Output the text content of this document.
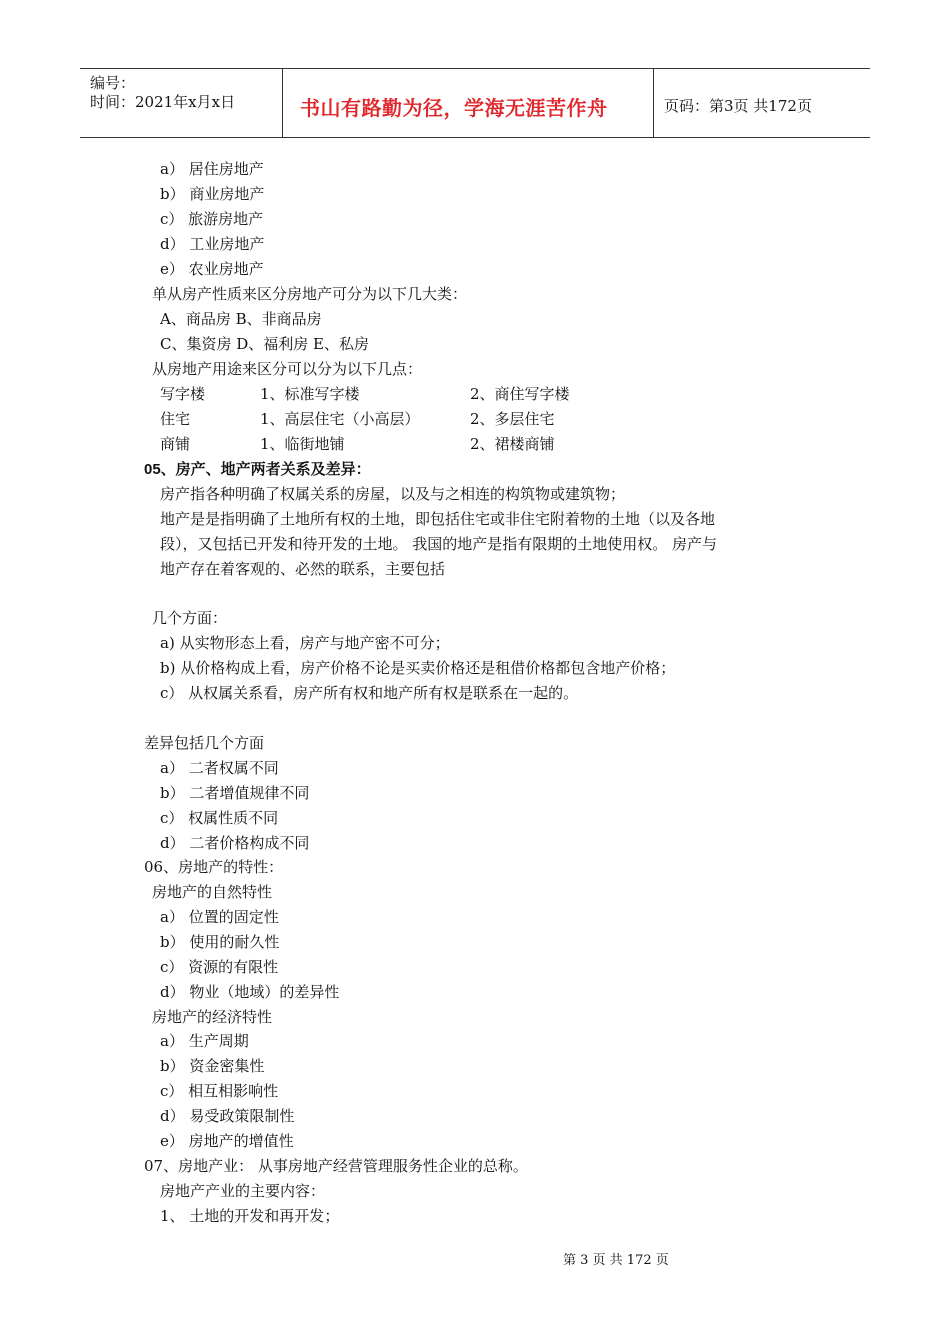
编号：
时间：2021年x月x日	书山有路勤为径，学海无涯苦作舟	页码：第3页 共172页
a） 居住房地产
b） 商业房地产
c） 旅游房地产
d） 工业房地产
e） 农业房地产
单从房产性质来区分房地产可分为以下几大类：
A、商品房 B、非商品房
C、集资房 D、福利房 E、私房
从房地产用途来区分可以分为以下几点：
写字楼	1、标准写字楼	2、商住写字楼
住宅	1、高层住宅（小高层）	2、多层住宅
商铺	1、临街地铺	2、裙楼商铺
05、房产、地产两者关系及差异：
房产指各种明确了权属关系的房屋，以及与之相连的构筑物或建筑物；
地产是是指明确了土地所有权的土地，即包括住宅或非住宅附着物的土地（以及各地
段），又包括已开发和待开发的土地。 我国的地产是指有限期的土地使用权。 房产与
地产存在着客观的、必然的联系，主要包括
几个方面：
a) 从实物形态上看，房产与地产密不可分；
b) 从价格构成上看，房产价格不论是买卖价格还是租借价格都包含地产价格；
c） 从权属关系看，房产所有权和地产所有权是联系在一起的。
差异包括几个方面
a） 二者权属不同
b） 二者增值规律不同
c） 权属性质不同
d） 二者价格构成不同
06、房地产的特性：
房地产的自然特性
a） 位置的固定性
b） 使用的耐久性
c） 资源的有限性
d） 物业（地域）的差异性
房地产的经济特性
a） 生产周期
b） 资金密集性
c） 相互相影响性
d） 易受政策限制性
e） 房地产的增值性
07、房地产业： 从事房地产经营管理服务性企业的总称。
房地产产业的主要内容：
1、 土地的开发和再开发；
第 3 页 共 172 页
